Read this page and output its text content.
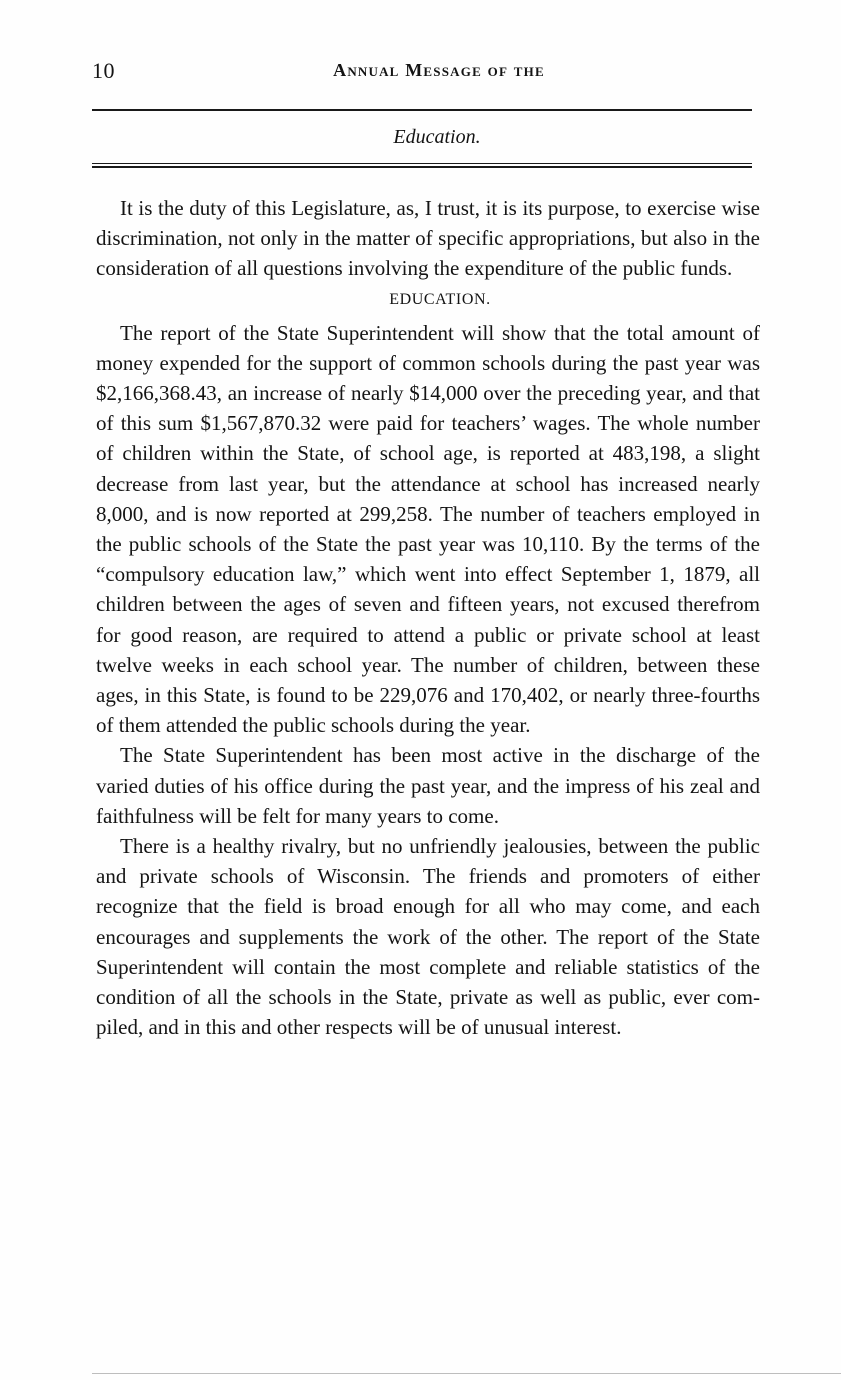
10	Annual Message of the
Education.

It is the duty of this Legislature, as, I trust, it is its purpose, to exercise wise discrimination, not only in the matter of specific appropriations, but also in the consideration of all questions involving the expenditure of the public funds.

EDUCATION.

The report of the State Superintendent will show that the total amount of money expended for the support of common schools during the past year was $2,166,368.43, an increase of nearly $14,000 over the preceding year, and that of this sum $1,567,870.32 were paid for teachers’ wages. The whole number of children within the State, of school age, is reported at 483,198, a slight decrease from last year, but the attendance at school has increased nearly 8,000, and is now reported at 299,258. The number of teachers employed in the public schools of the State the past year was 10,110. By the terms of the “compulsory education law,” which went into effect September 1, 1879, all children between the ages of seven and fifteen years, not excused therefrom for good reason, are required to attend a public or private school at least twelve weeks in each school year. The number of children, between these ages, in this State, is found to be 229,076 and 170,402, or nearly three-fourths of them attended the public schools during the year.

The State Superintendent has been most active in the discharge of the varied duties of his office during the past year, and the impress of his zeal and faithfulness will be felt for many years to come.

There is a healthy rivalry, but no unfriendly jealousies, between the public and private schools of Wisconsin. The friends and promoters of either recognize that the field is broad enough for all who may come, and each encourages and supplements the work of the other. The report of the State Superintendent will contain the most complete and reliable statistics of the condition of all the schools in the State, private as well as public, ever compiled, and in this and other respects will be of unusual interest.
